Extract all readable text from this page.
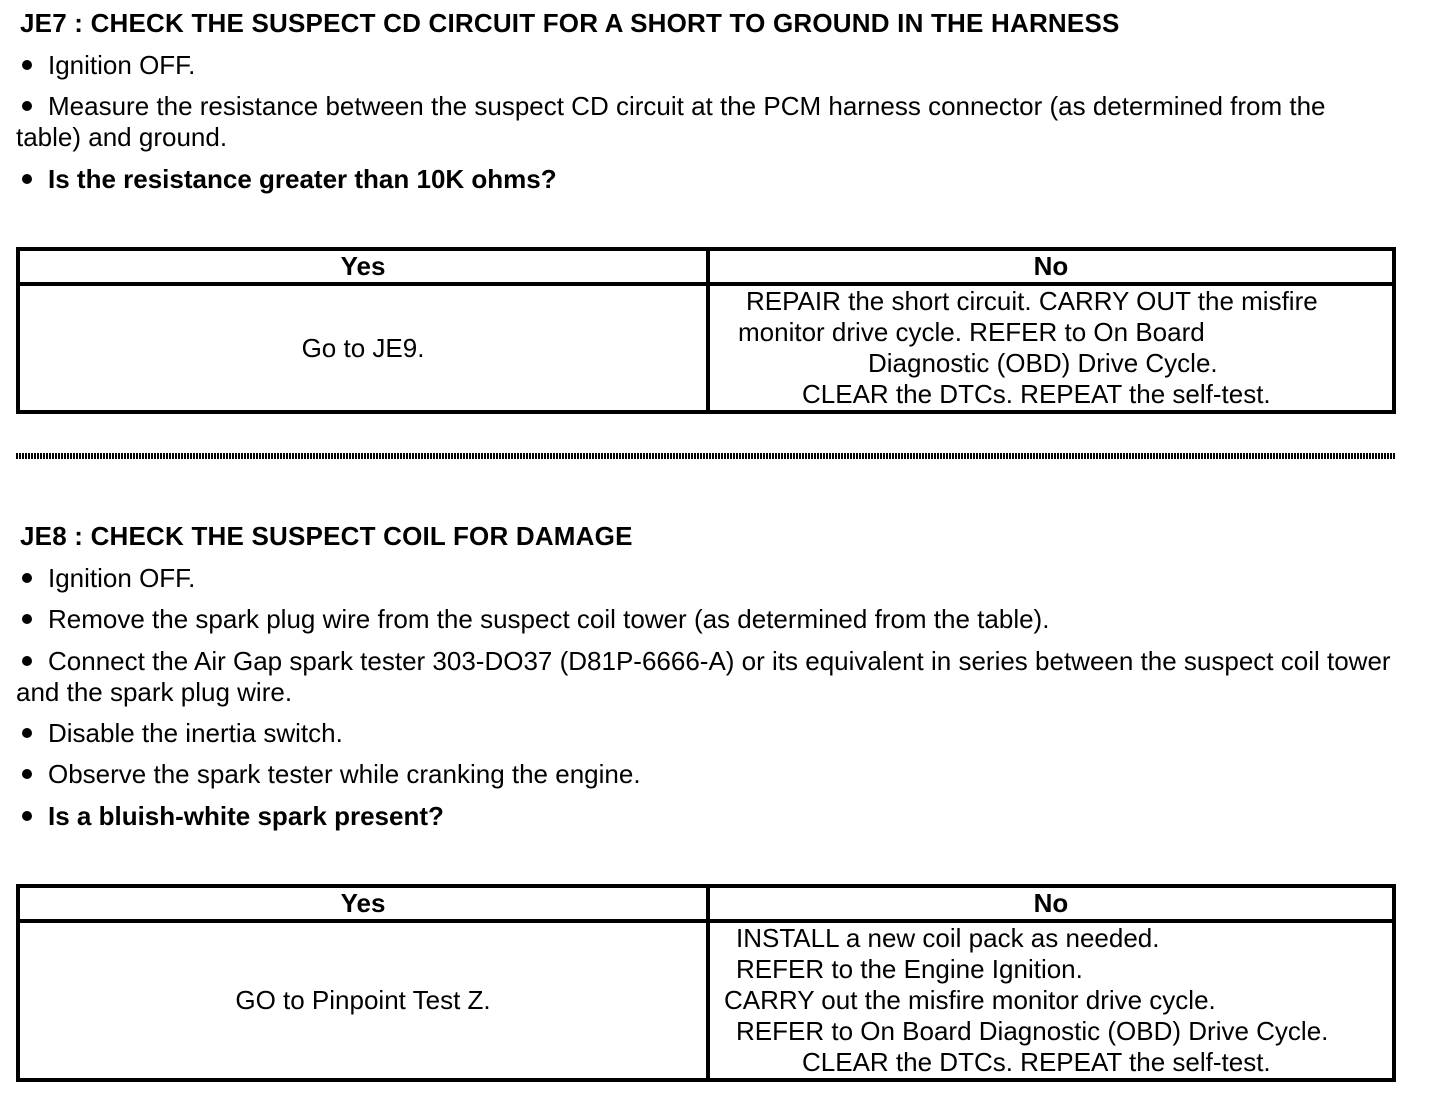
JE7 : CHECK THE SUSPECT CD CIRCUIT FOR A SHORT TO GROUND IN THE HARNESS
Ignition OFF.
Measure the resistance between the suspect CD circuit at the PCM harness connector (as determined from the table) and ground.
Is the resistance greater than 10K ohms?
Yes	No
Go to JE9.	REPAIR the short circuit. CARRY OUT the misfire
monitor drive cycle. REFER to On Board
Diagnostic (OBD) Drive Cycle.
CLEAR the DTCs. REPEAT the self-test.
JE8 : CHECK THE SUSPECT COIL FOR DAMAGE
Ignition OFF.
Remove the spark plug wire from the suspect coil tower (as determined from the table).
Connect the Air Gap spark tester 303-DO37 (D81P-6666-A) or its equivalent in series between the suspect coil tower and the spark plug wire.
Disable the inertia switch.
Observe the spark tester while cranking the engine.
Is a bluish-white spark present?
Yes	No
GO to Pinpoint Test Z.	INSTALL a new coil pack as needed.
REFER to the Engine Ignition.
CARRY out the misfire monitor drive cycle.
REFER to On Board Diagnostic (OBD) Drive Cycle.
CLEAR the DTCs. REPEAT the self-test.
